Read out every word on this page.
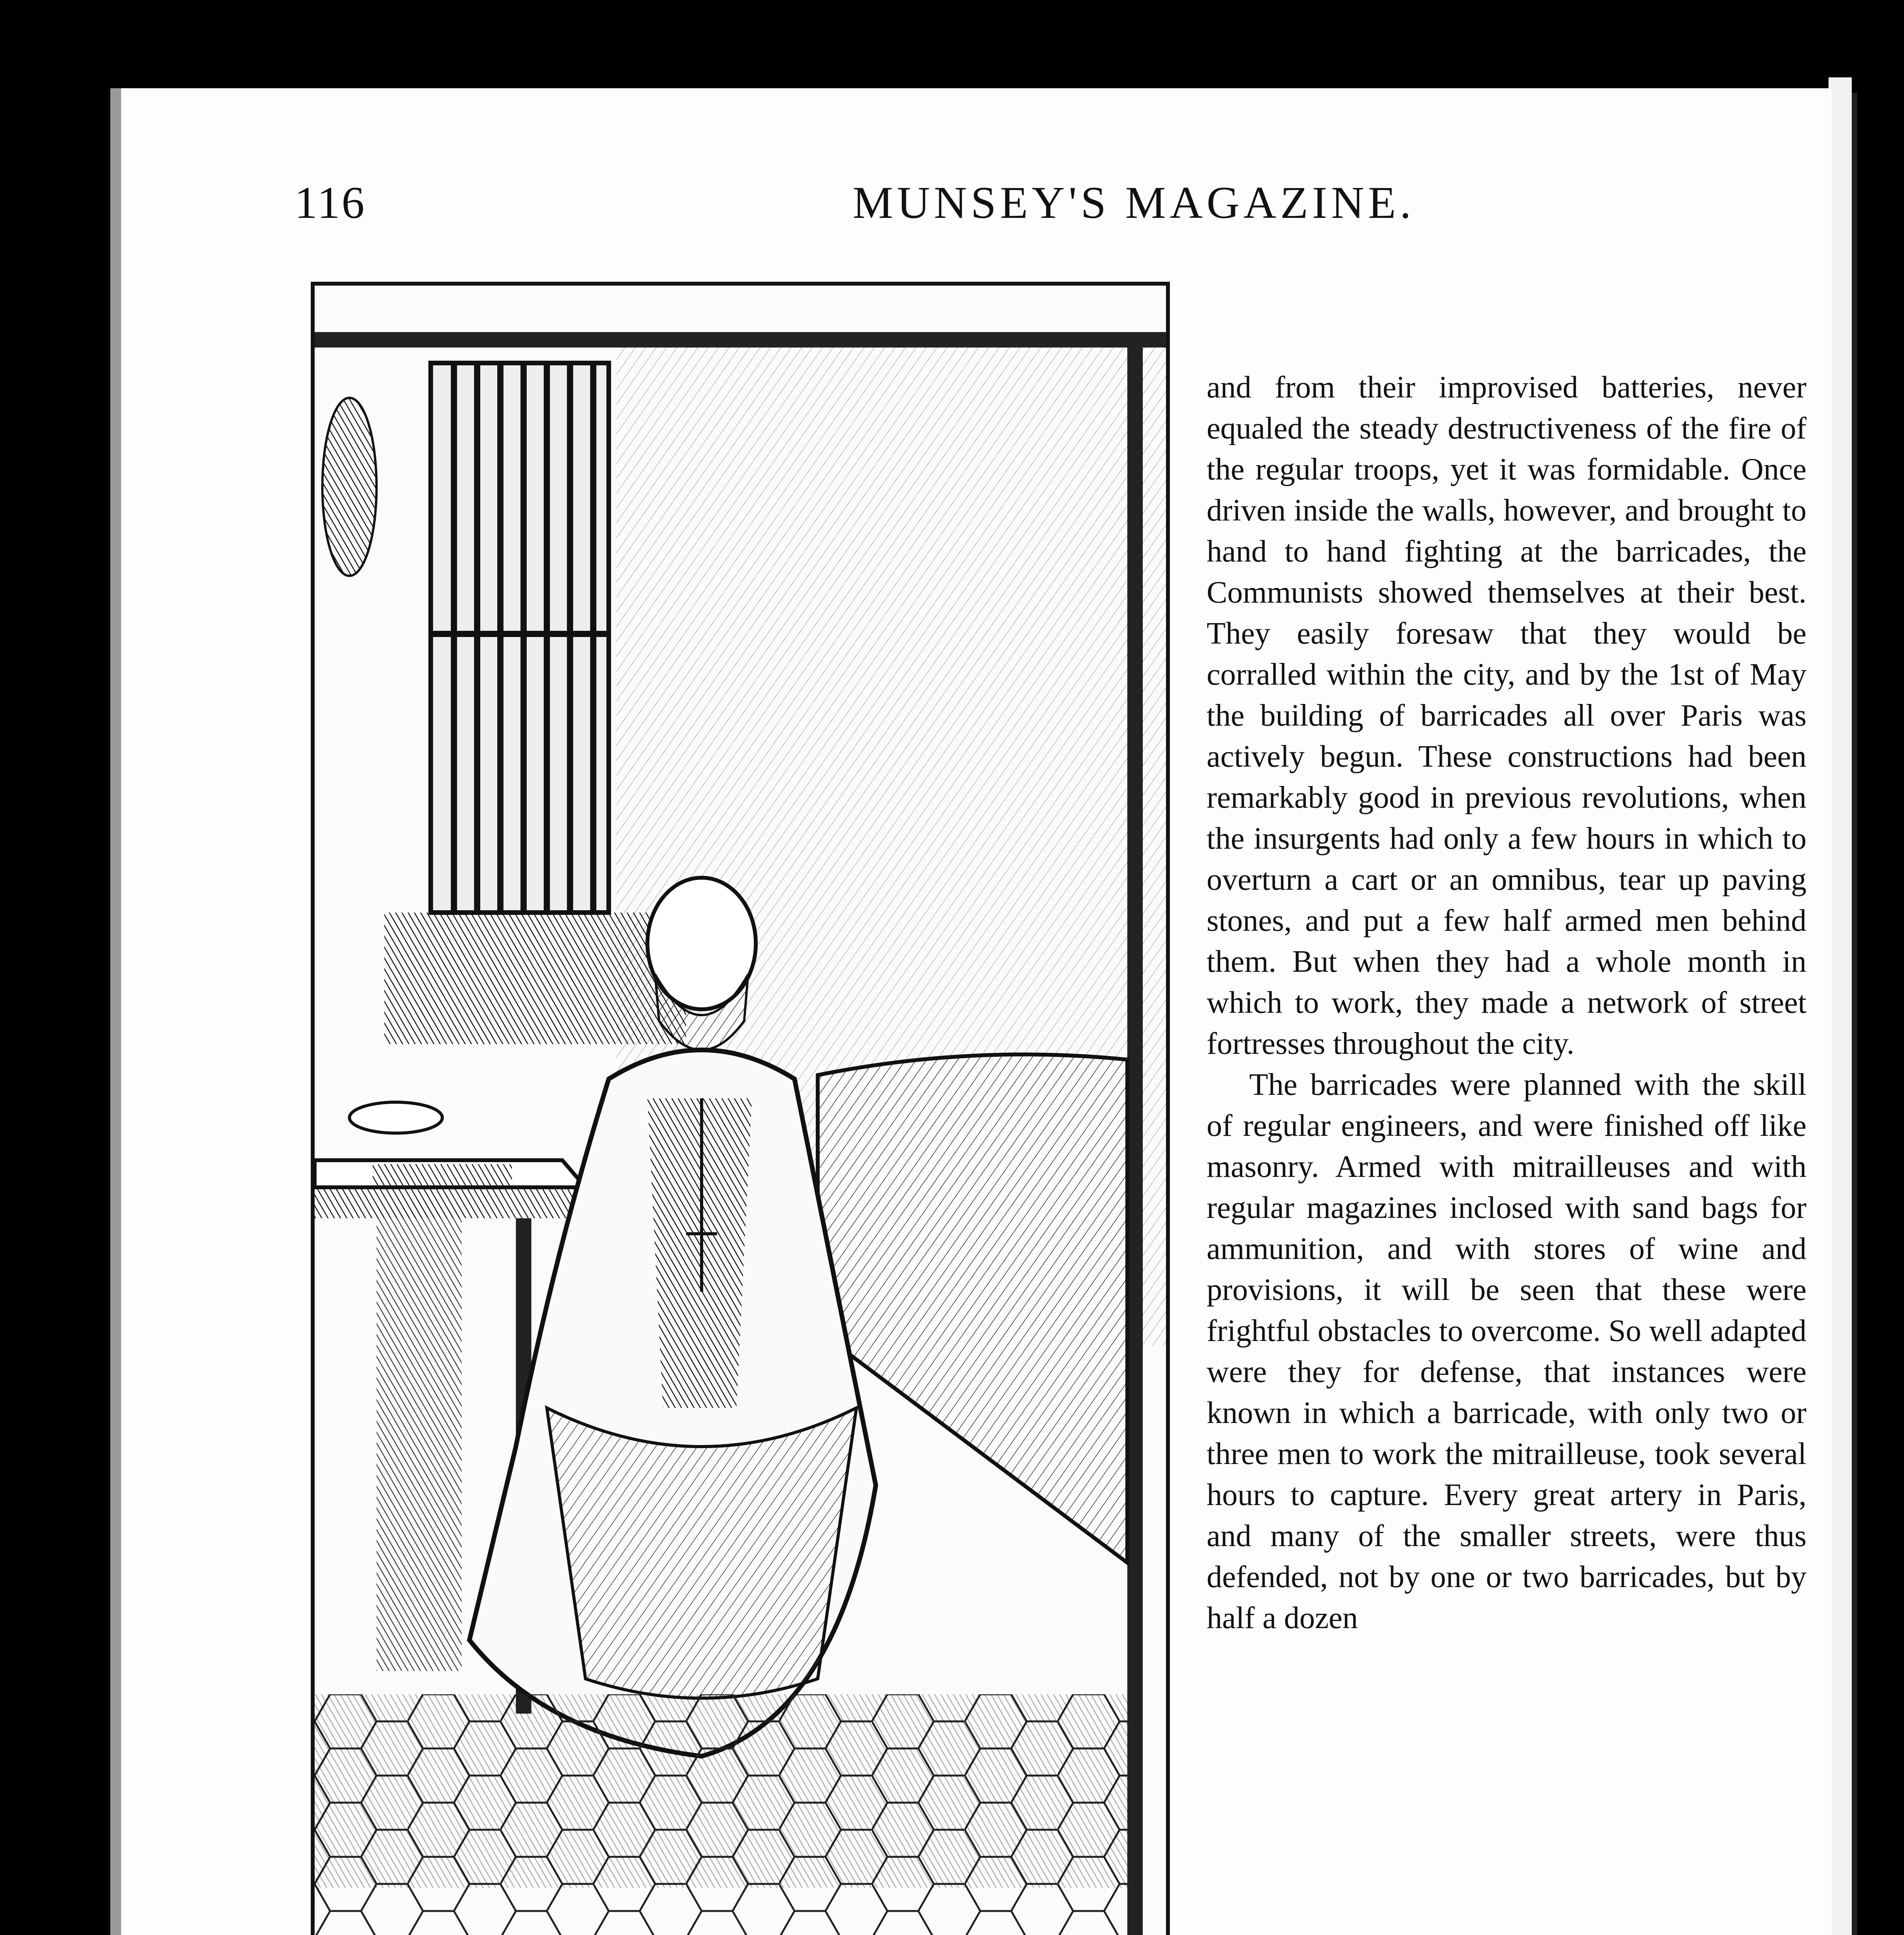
116	MUNSEY'S MAGAZINE.

and from their improvised batteries, never equaled the steady destructiveness of the fire of the regular troops, yet it was formidable. Once driven inside the walls, however, and brought to hand to hand fighting at the barricades, the Communists showed themselves at their best. They easily foresaw that they would be corralled within the city, and by the 1st of May the building of barricades all over Paris was actively begun. These constructions had been remarkably good in previous revolutions, when the insurgents had only a few hours in which to overturn a cart or an omnibus, tear up paving stones, and put a few half armed men behind them. But when they had a whole month in which to work, they made a network of street fortresses throughout the city.

The barricades were planned with the skill of regular engineers, and were finished off like masonry. Armed with mitrailleuses and with regular magazines inclosed with sand bags for ammunition, and with stores of wine and provisions, it will be seen that these were frightful obstacles to overcome. So well adapted were they for defense, that instances were known in which a barricade, with only two or three men to work the mitrailleuse, took several hours to capture. Every great artery in Paris, and many of the smaller streets, were thus defended, not by one or two barricades, but by half a dozen
